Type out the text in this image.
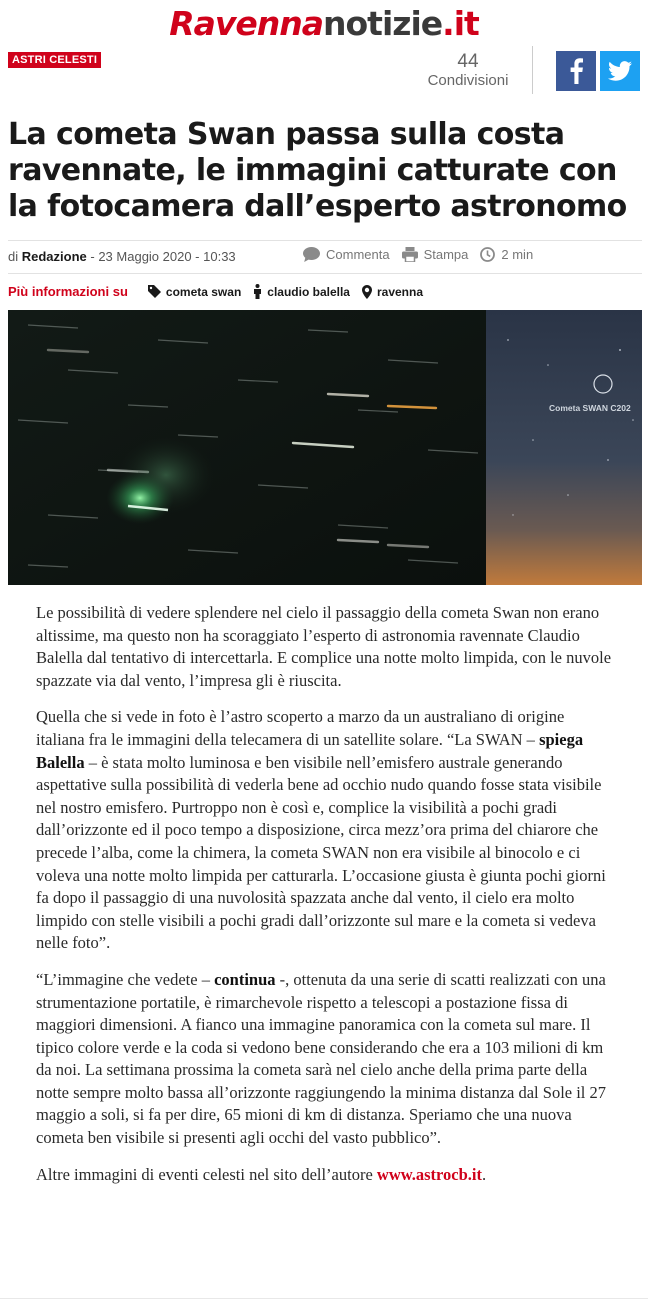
Ravennanotizie.it
ASTRI CELESTI	44
Condivisioni
La cometa Swan passa sulla costa ravennate, le immagini catturate con la fotocamera dall’esperto astronomo
di Redazione - 23 Maggio 2020 - 10:33	Commenta	Stampa	2 min
Più informazioni su	cometa swan claudio balella ravenna
Cometa SWAN C202

Le possibilità di vedere splendere nel cielo il passaggio della cometa Swan non erano altissime, ma questo non ha scoraggiato l’esperto di astronomia ravennate Claudio Balella dal tentativo di intercettarla. E complice una notte molto limpida, con le nuvole spazzate via dal vento, l’impresa gli è riuscita.

Quella che si vede in foto è l’astro scoperto a marzo da un australiano di origine italiana fra le immagini della telecamera di un satellite solare. “La SWAN – spiega Balella – è stata molto luminosa e ben visibile nell’emisfero australe generando aspettative sulla possibilità di vederla bene ad occhio nudo quando fosse stata visibile nel nostro emisfero. Purtroppo non è così e, complice la visibilità a pochi gradi dall’orizzonte ed il poco tempo a disposizione, circa mezz’ora prima del chiarore che precede l’alba, come la chimera, la cometa SWAN non era visibile al binocolo e ci voleva una notte molto limpida per catturarla. L’occasione giusta è giunta pochi giorni fa dopo il passaggio di una nuvolosità spazzata anche dal vento, il cielo era molto limpido con stelle visibili a pochi gradi dall’orizzonte sul mare e la cometa si vedeva nelle foto”.

“L’immagine che vedete – continua -, ottenuta da una serie di scatti realizzati con una strumentazione portatile, è rimarchevole rispetto a telescopi a postazione fissa di maggiori dimensioni. A fianco una immagine panoramica con la cometa sul mare. Il tipico colore verde e la coda si vedono bene considerando che era a 103 milioni di km da noi. La settimana prossima la cometa sarà nel cielo anche della prima parte della notte sempre molto bassa all’orizzonte raggiungendo la minima distanza dal Sole il 27 maggio a soli, si fa per dire, 65 mioni di km di distanza. Speriamo che una nuova cometa ben visibile si presenti agli occhi del vasto pubblico”.

Altre immagini di eventi celesti nel sito dell’autore www.astrocb.it.
